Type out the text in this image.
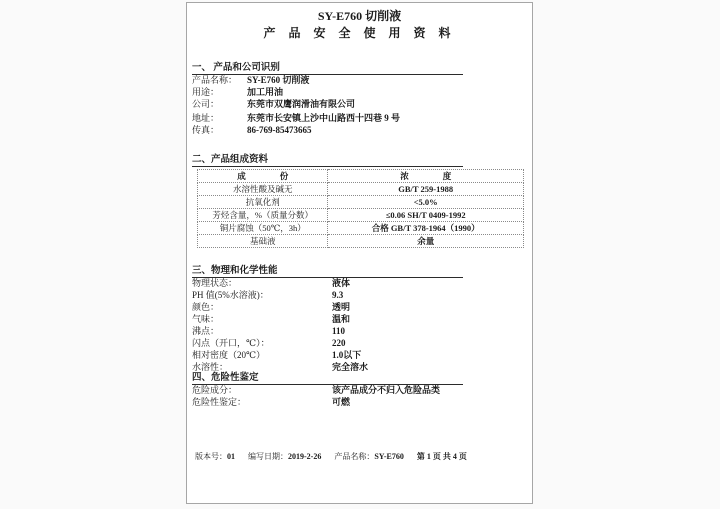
SY-E760 切削液
产 品 安 全 使 用 资 料
一、 产品和公司识别
产品名称：	SY-E760 切削液
用途：	加工用油
公司：	东莞市双鹰润滑油有限公司
地址：	东莞市长安镇上沙中山路西十四巷 9 号
传真：	86-769-85473665
二、产品组成资料
成　　　　份	浓　　　　度
水溶性酸及碱无	GB/T 259-1988
抗氧化剂	<5.0%
芳烃含量，%（质量分数）	≤0.06 SH/T 0409-1992
铜片腐蚀（50℃，3h）	合格 GB/T 378-1964（1990）
基础液	余量
三、物理和化学性能
物理状态：	液体
PH 值(5%水溶液)：	9.3
颜色：	透明
气味：	温和
沸点：	110
闪点（开口，℃）：	220
相对密度（20℃）	1.0以下
水溶性：	完全溶水
四、危险性鉴定
危险成分：	该产品成分不归入危险品类
危险性鉴定：	可燃
版本号：01 编写日期：2019-2-26 产品名称：SY-E760 第 1 页 共 4 页
